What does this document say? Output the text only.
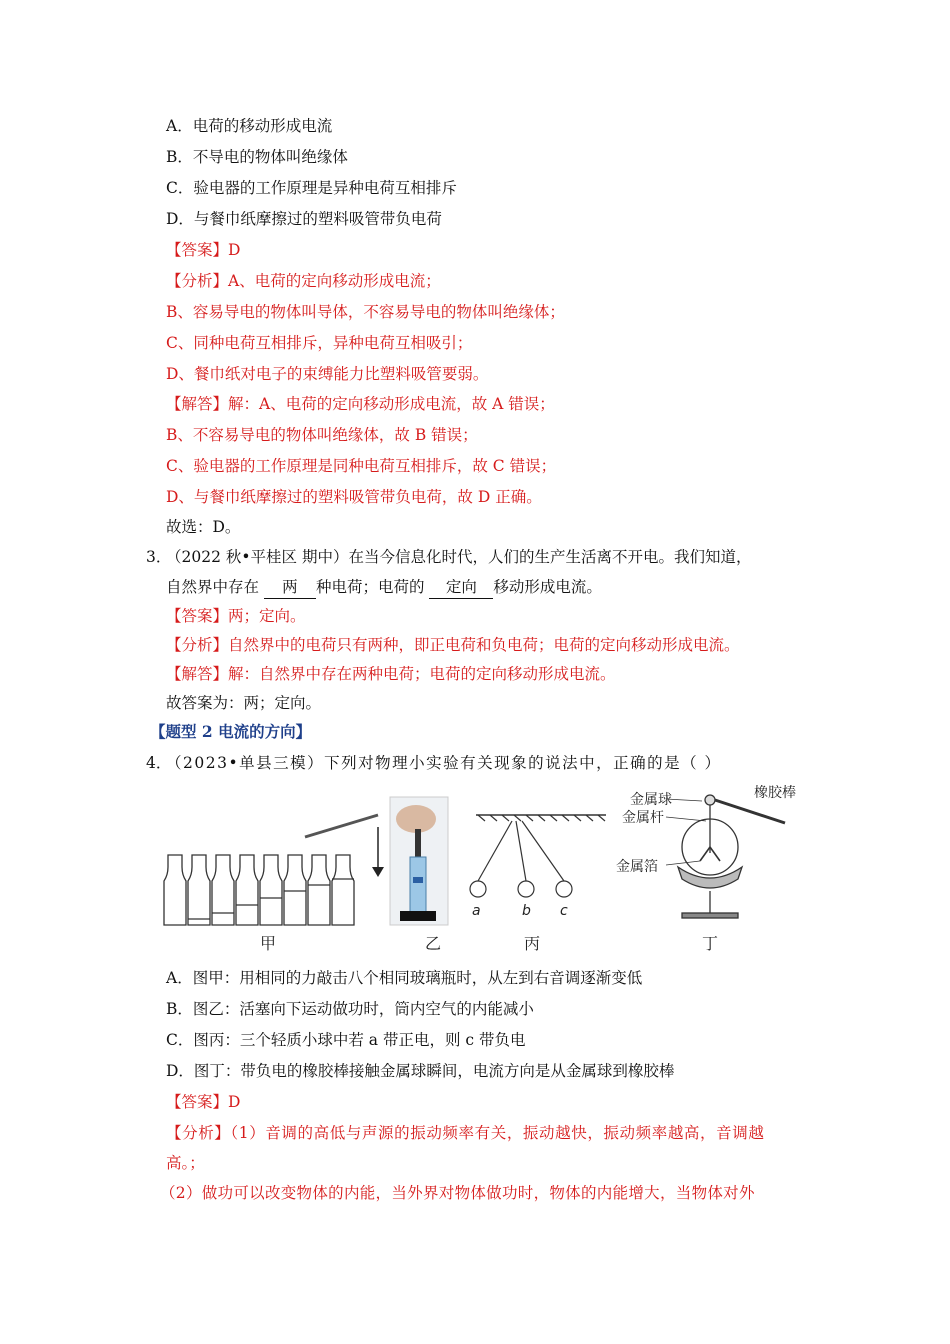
A．电荷的移动形成电流
B．不导电的物体叫绝缘体
C．验电器的工作原理是异种电荷互相排斥
D．与餐巾纸摩擦过的塑料吸管带负电荷
【答案】D
【分析】A、电荷的定向移动形成电流；
B、容易导电的物体叫导体，不容易导电的物体叫绝缘体；
C、同种电荷互相排斥，异种电荷互相吸引；
D、餐巾纸对电子的束缚能力比塑料吸管要弱。
【解答】解：A、电荷的定向移动形成电流，故 A 错误；
B、不容易导电的物体叫绝缘体，故 B 错误；
C、验电器的工作原理是同种电荷互相排斥，故 C 错误；
D、与餐巾纸摩擦过的塑料吸管带负电荷，故 D 正确。
故选：D。
3．
（2022 秋•平桂区 期中）在当今信息化时代，人们的生产生活离不开电。我们知道，
自然界中存在 两 种电荷；电荷的 定向 移动形成电流。
【答案】两；定向。
【分析】自然界中的电荷只有两种，即正电荷和负电荷；电荷的定向移动形成电流。
【解答】解：自然界中存在两种电荷；电荷的定向移动形成电流。
故答案为：两；定向。
【题型 2 电流的方向】
4．
（2023•单县三模）下列对物理小实验有关现象的说法中，正确的是（ ）
甲	乙
a	b c
丙
金属球
金属杆
金属箔
橡胶棒
丁
A．图甲：用相同的力敲击八个相同玻璃瓶时，从左到右音调逐渐变低
B．图乙：活塞向下运动做功时，筒内空气的内能减小
C．图丙：三个轻质小球中若 a 带正电，则 c 带负电
D．图丁：带负电的橡胶棒接触金属球瞬间，电流方向是从金属球到橡胶棒
【答案】D
【分析】（1）音调的高低与声源的振动频率有关，振动越快，振动频率越高，音调越
高。；
（2）做功可以改变物体的内能，当外界对物体做功时，物体的内能增大，当物体对外
